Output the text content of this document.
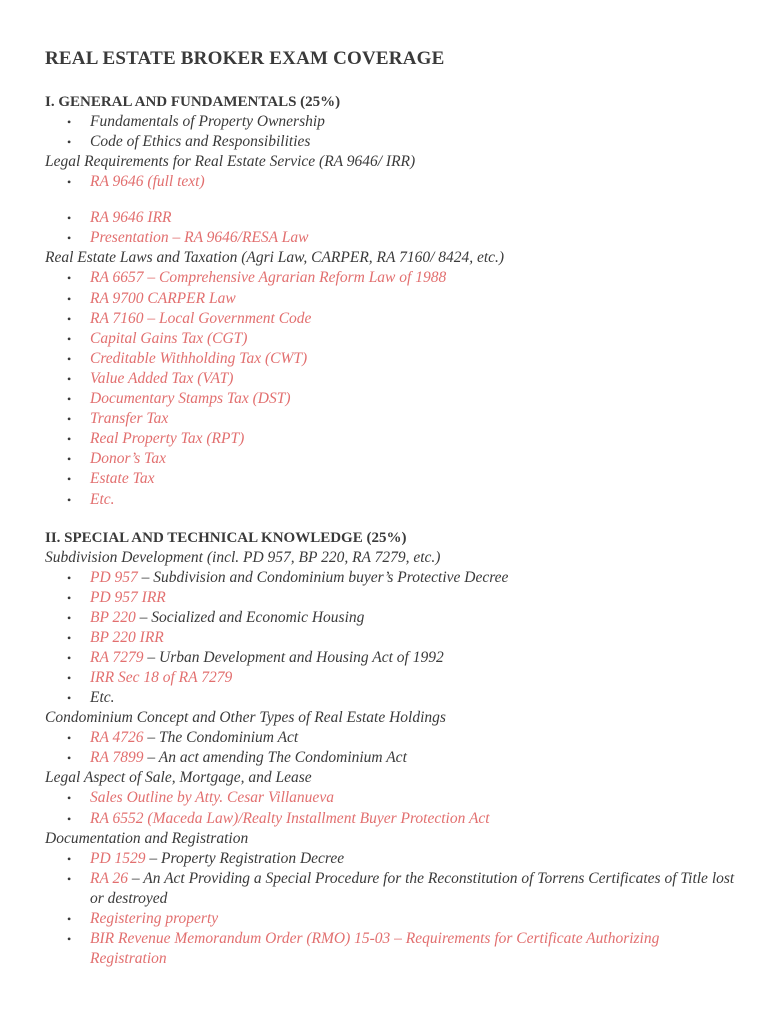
REAL ESTATE BROKER EXAM COVERAGE
I. GENERAL AND FUNDAMENTALS (25%)
• Fundamentals of Property Ownership
• Code of Ethics and Responsibilities
Legal Requirements for Real Estate Service (RA 9646/ IRR)
• RA 9646 (full text)
• RA 9646 IRR
• Presentation – RA 9646/RESA Law
Real Estate Laws and Taxation (Agri Law, CARPER, RA 7160/ 8424, etc.)
• RA 6657 – Comprehensive Agrarian Reform Law of 1988
• RA 9700 CARPER Law
• RA 7160 – Local Government Code
• Capital Gains Tax (CGT)
• Creditable Withholding Tax (CWT)
• Value Added Tax (VAT)
• Documentary Stamps Tax (DST)
• Transfer Tax
• Real Property Tax (RPT)
• Donor’s Tax
• Estate Tax
• Etc.
II. SPECIAL AND TECHNICAL KNOWLEDGE (25%)
Subdivision Development (incl. PD 957, BP 220, RA 7279, etc.)
• PD 957 – Subdivision and Condominium buyer’s Protective Decree
• PD 957 IRR
• BP 220 – Socialized and Economic Housing
• BP 220 IRR
• RA 7279 – Urban Development and Housing Act of 1992
• IRR Sec 18 of RA 7279
• Etc.
Condominium Concept and Other Types of Real Estate Holdings
• RA 4726 – The Condominium Act
• RA 7899 – An act amending The Condominium Act
Legal Aspect of Sale, Mortgage, and Lease
• Sales Outline by Atty. Cesar Villanueva
• RA 6552 (Maceda Law)/Realty Installment Buyer Protection Act
Documentation and Registration
• PD 1529 – Property Registration Decree
• RA 26 – An Act Providing a Special Procedure for the Reconstitution of Torrens Certificates of Title lost or destroyed
• Registering property
• BIR Revenue Memorandum Order (RMO) 15-03 – Requirements for Certificate Authorizing Registration
